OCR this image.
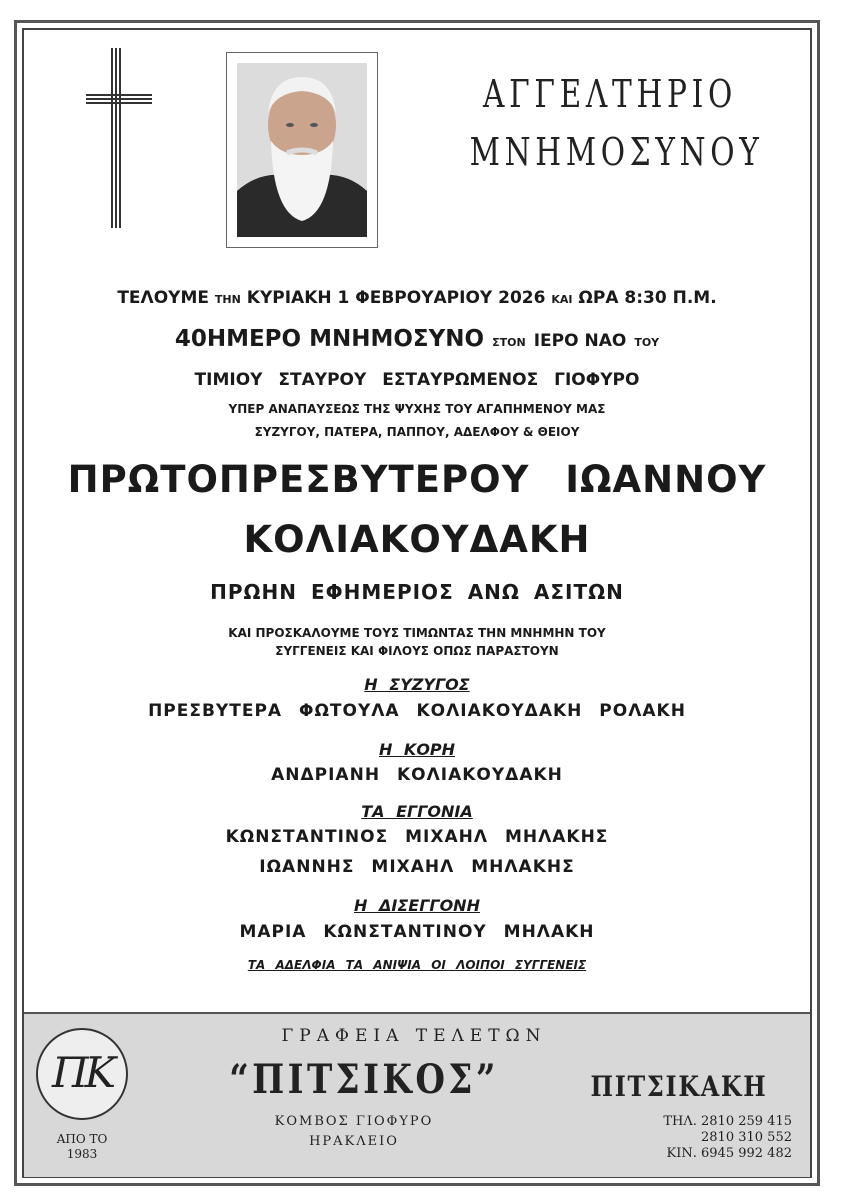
ΑΓΓΕΛΤΗΡΙΟ
ΜΝΗΜΟΣΥΝΟΥ
ΤΕΛΟΥΜΕ ΤΗΝ ΚΥΡΙΑΚΗ 1 ΦΕΒΡΟΥΑΡΙΟΥ 2026 ΚΑΙ ΩΡΑ 8:30 Π.Μ.
40ΗΜΕΡΟ ΜΝΗΜΟΣΥΝΟ ΣΤΟΝ ΙΕΡΟ ΝΑΟ ΤΟΥ
ΤΙΜΙΟΥ ΣΤΑΥΡΟΥ ΕΣΤΑΥΡΩΜΕΝΟΣ ΓΙΟΦΥΡΟ
ΥΠΕΡ ΑΝΑΠΑΥΣΕΩΣ ΤΗΣ ΨΥΧΗΣ ΤΟΥ ΑΓΑΠΗΜΕΝΟΥ ΜΑΣ
ΣΥΖΥΓΟΥ, ΠΑΤΕΡΑ, ΠΑΠΠΟΥ, ΑΔΕΛΦΟΥ & ΘΕΙΟΥ
ΠΡΩΤΟΠΡΕΣΒΥΤΕΡΟΥ ΙΩΑΝΝΟΥ
ΚΟΛΙΑΚΟΥΔΑΚΗ
ΠΡΩΗΝ ΕΦΗΜΕΡΙΟΣ ΑΝΩ ΑΣΙΤΩΝ
ΚΑΙ ΠΡΟΣΚΑΛΟΥΜΕ ΤΟΥΣ ΤΙΜΩΝΤΑΣ ΤΗΝ ΜΝΗΜΗΝ ΤΟΥ
ΣΥΓΓΕΝΕΙΣ ΚΑΙ ΦΙΛΟΥΣ ΟΠΩΣ ΠΑΡΑΣΤΟΥΝ
Η ΣΥΖΥΓΟΣ
ΠΡΕΣΒΥΤΕΡΑ ΦΩΤΟΥΛΑ ΚΟΛΙΑΚΟΥΔΑΚΗ ΡΟΛΑΚΗ
Η ΚΟΡΗ
ΑΝΔΡΙΑΝΗ ΚΟΛΙΑΚΟΥΔΑΚΗ
ΤΑ ΕΓΓΟΝΙΑ
ΚΩΝΣΤΑΝΤΙΝΟΣ ΜΙΧΑΗΛ ΜΗΛΑΚΗΣ
ΙΩΑΝΝΗΣ ΜΙΧΑΗΛ ΜΗΛΑΚΗΣ
Η ΔΙΣΕΓΓΟΝΗ
ΜΑΡΙΑ ΚΩΝΣΤΑΝΤΙΝΟΥ ΜΗΛΑΚΗ
ΤΑ ΑΔΕΛΦΙΑ ΤΑ ΑΝΙΨΙΑ ΟΙ ΛΟΙΠΟΙ ΣΥΓΓΕΝΕΙΣ
ΠΚ
ΑΠΟ ΤΟ
1983
ΓΡΑΦΕΙΑ ΤΕΛΕΤΩΝ
“ΠΙΤΣΙΚΟΣ”
ΚΟΜΒΟΣ ΓΙΟΦΥΡΟ
ΗΡΑΚΛΕΙΟ
ΠΙΤΣΙΚΑΚΗ
ΤΗΛ. 2810 259 415
2810 310 552
ΚΙΝ. 6945 992 482
